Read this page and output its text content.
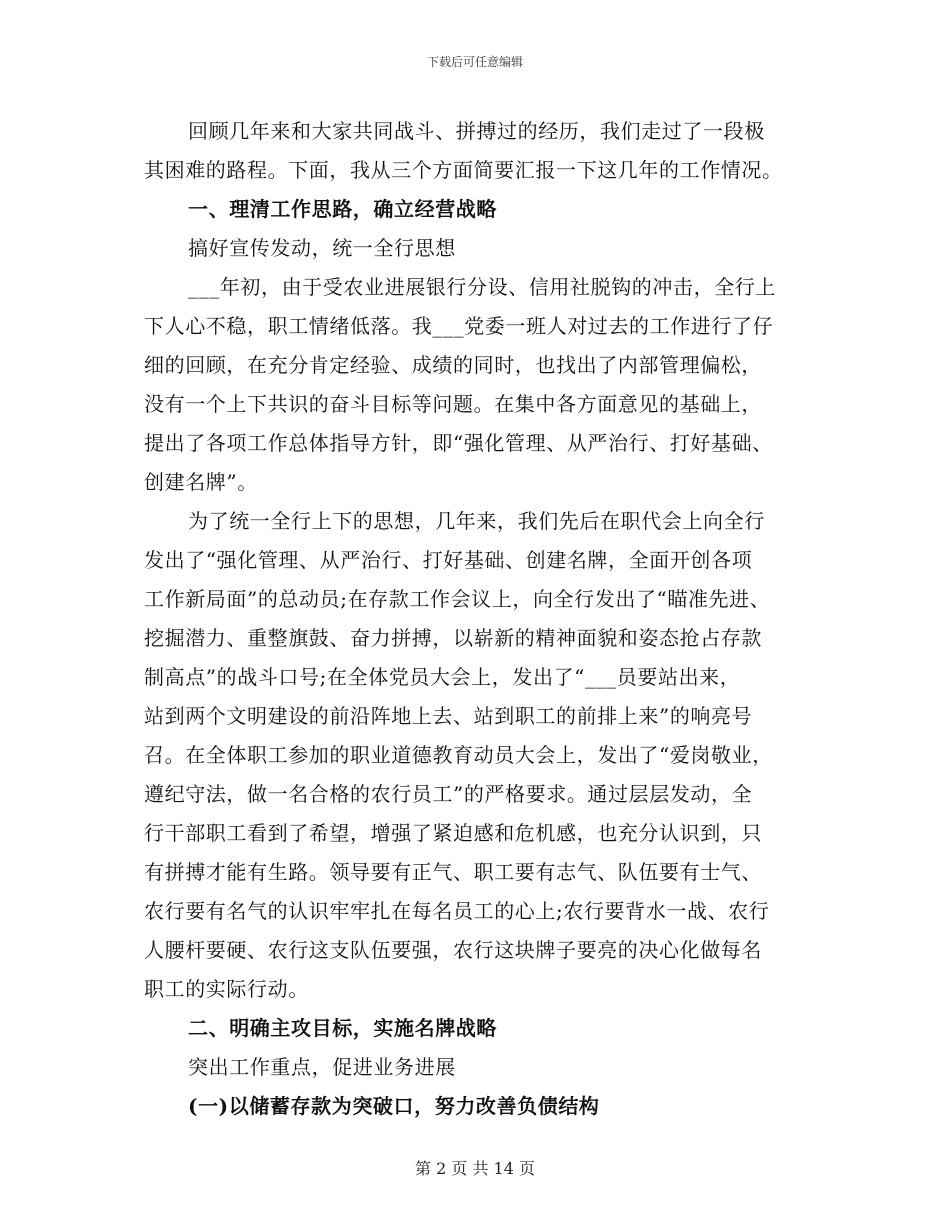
下载后可任意编辑
回顾几年来和大家共同战斗、拼搏过的经历，我们走过了一段极
其困难的路程。下面，我从三个方面简要汇报一下这几年的工作情况。
一、理清工作思路，确立经营战略
搞好宣传发动，统一全行思想
___年初，由于受农业进展银行分设、信用社脱钩的冲击，全行上
下人心不稳，职工情绪低落。我___党委一班人对过去的工作进行了仔
细的回顾，在充分肯定经验、成绩的同时，也找出了内部管理偏松，
没有一个上下共识的奋斗目标等问题。在集中各方面意见的基础上，
提出了各项工作总体指导方针，即“强化管理、从严治行、打好基础、
创建名牌”。
为了统一全行上下的思想，几年来，我们先后在职代会上向全行
发出了“强化管理、从严治行、打好基础、创建名牌，全面开创各项
工作新局面”的总动员;在存款工作会议上，向全行发出了“瞄准先进、
挖掘潜力、重整旗鼓、奋力拼搏，以崭新的精神面貌和姿态抢占存款
制高点”的战斗口号;在全体党员大会上，发出了“___员要站出来，
站到两个文明建设的前沿阵地上去、站到职工的前排上来”的响亮号
召。在全体职工参加的职业道德教育动员大会上，发出了“爱岗敬业，
遵纪守法，做一名合格的农行员工”的严格要求。通过层层发动，全
行干部职工看到了希望，增强了紧迫感和危机感，也充分认识到，只
有拼搏才能有生路。领导要有正气、职工要有志气、队伍要有士气、
农行要有名气的认识牢牢扎在每名员工的心上;农行要背水一战、农行
人腰杆要硬、农行这支队伍要强，农行这块牌子要亮的决心化做每名
职工的实际行动。
二、明确主攻目标，实施名牌战略
突出工作重点，促进业务进展
(一)以储蓄存款为突破口，努力改善负债结构
第 2 页 共 14 页
